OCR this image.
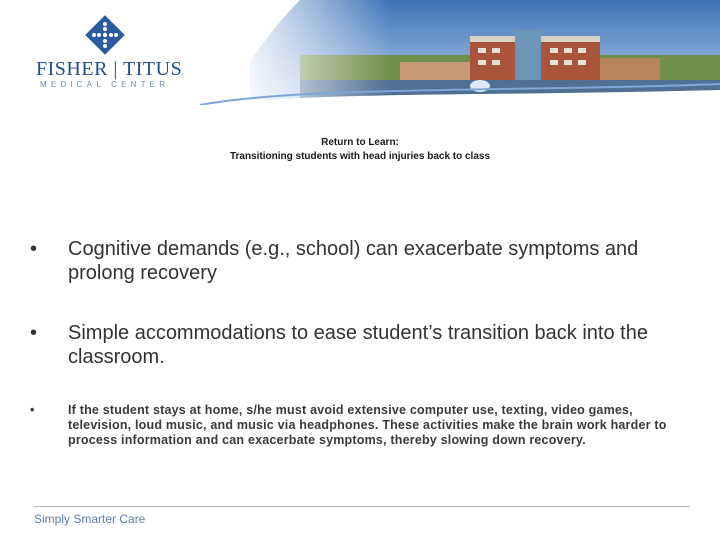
FISHER | TITUS
MEDICAL CENTER
Return to Learn:
Transitioning students with head injuries back to class
• Cognitive demands (e.g., school) can exacerbate symptoms and prolong recovery
• Simple accommodations to ease student’s transition back into the classroom.
•	If the student stays at home, s/he must avoid extensive computer use, texting, video games, television, loud music, and music via headphones. These activities make the brain work harder to process information and can exacerbate symptoms, thereby slowing down recovery.
Simply Smarter Care
